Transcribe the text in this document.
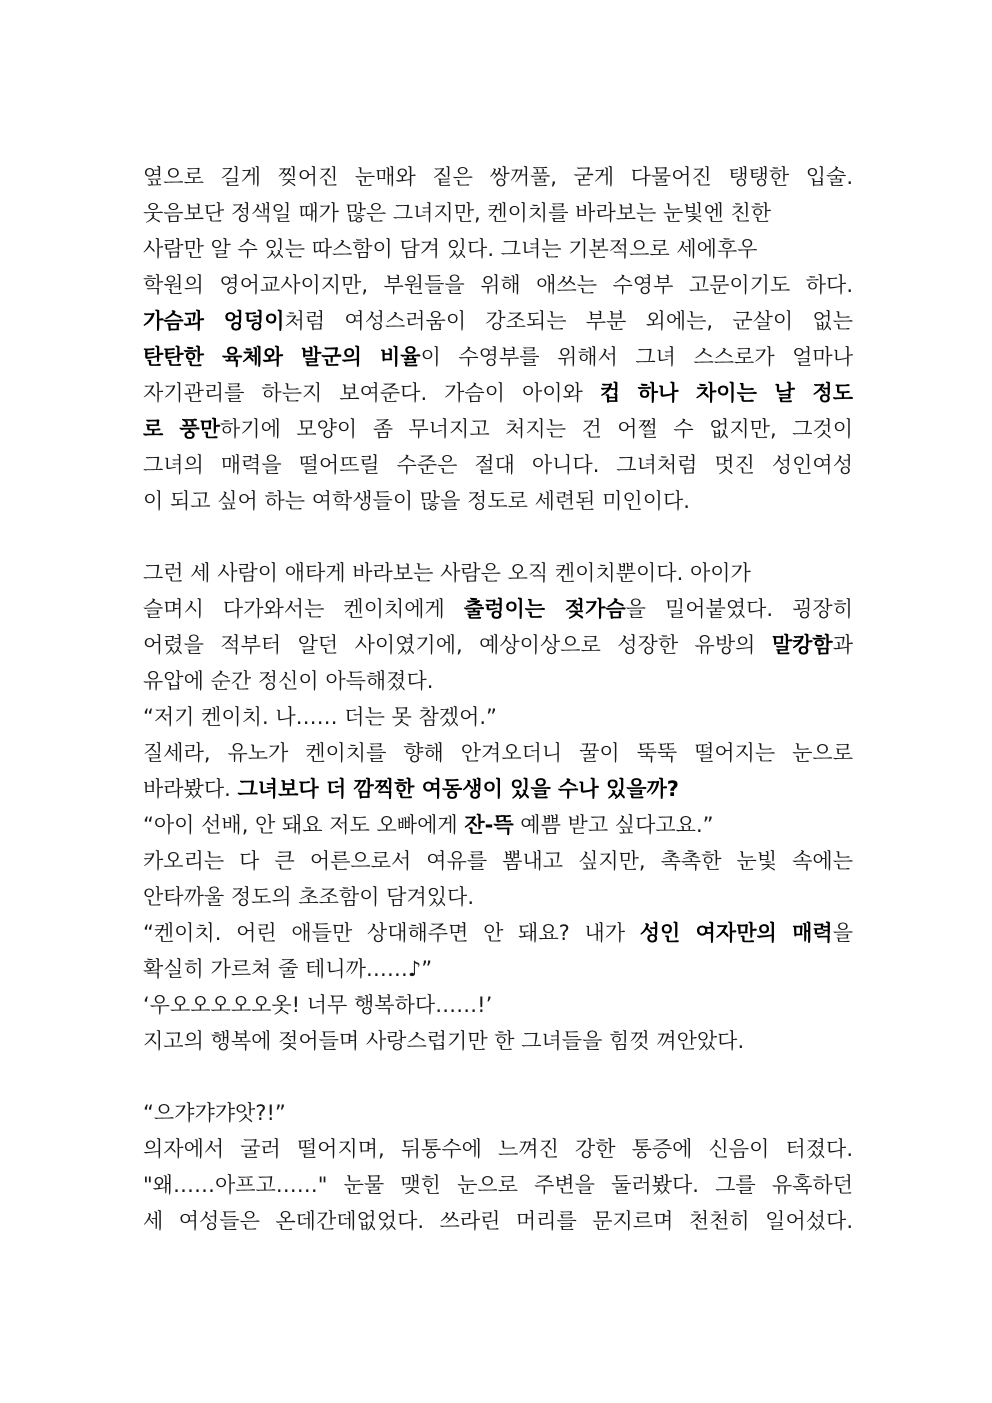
옆으로 길게 찢어진 눈매와 짙은 쌍꺼풀, 굳게 다물어진 탱탱한 입술.
웃음보단 정색일 때가 많은 그녀지만, 켄이치를 바라보는 눈빛엔 친한
사람만 알 수 있는 따스함이 담겨 있다. 그녀는 기본적으로 세에후우
학원의 영어교사이지만, 부원들을 위해 애쓰는 수영부 고문이기도 하다.
가슴과 엉덩이처럼 여성스러움이 강조되는 부분 외에는, 군살이 없는
탄탄한 육체와 발군의 비율이 수영부를 위해서 그녀 스스로가 얼마나
자기관리를 하는지 보여준다. 가슴이 아이와 컵 하나 차이는 날 정도
로 풍만하기에 모양이 좀 무너지고 처지는 건 어쩔 수 없지만, 그것이
그녀의 매력을 떨어뜨릴 수준은 절대 아니다. 그녀처럼 멋진 성인여성
이 되고 싶어 하는 여학생들이 많을 정도로 세련된 미인이다.
그런 세 사람이 애타게 바라보는 사람은 오직 켄이치뿐이다. 아이가
슬며시 다가와서는 켄이치에게 출렁이는 젖가슴을 밀어붙였다. 굉장히
어렸을 적부터 알던 사이였기에, 예상이상으로 성장한 유방의 말캉함과
유압에 순간 정신이 아득해졌다.
“저기 켄이치. 나…… 더는 못 참겠어.”
질세라, 유노가 켄이치를 향해 안겨오더니 꿀이 뚝뚝 떨어지는 눈으로
바라봤다. 그녀보다 더 깜찍한 여동생이 있을 수나 있을까?
“아이 선배, 안 돼요 저도 오빠에게 잔-뜩 예쁨 받고 싶다고요.”
카오리는 다 큰 어른으로서 여유를 뽐내고 싶지만, 촉촉한 눈빛 속에는
안타까울 정도의 초조함이 담겨있다.
“켄이치. 어린 애들만 상대해주면 안 돼요? 내가 성인 여자만의 매력을
확실히 가르쳐 줄 테니까……♪”
‘우오오오오오옷! 너무 행복하다……!’
지고의 행복에 젖어들며 사랑스럽기만 한 그녀들을 힘껏 껴안았다.
“으갸갸갸앗?!”
의자에서 굴러 떨어지며, 뒤통수에 느껴진 강한 통증에 신음이 터졌다.
"왜……아프고……" 눈물 맺힌 눈으로 주변을 둘러봤다. 그를 유혹하던
세 여성들은 온데간데없었다. 쓰라린 머리를 문지르며 천천히 일어섰다.
